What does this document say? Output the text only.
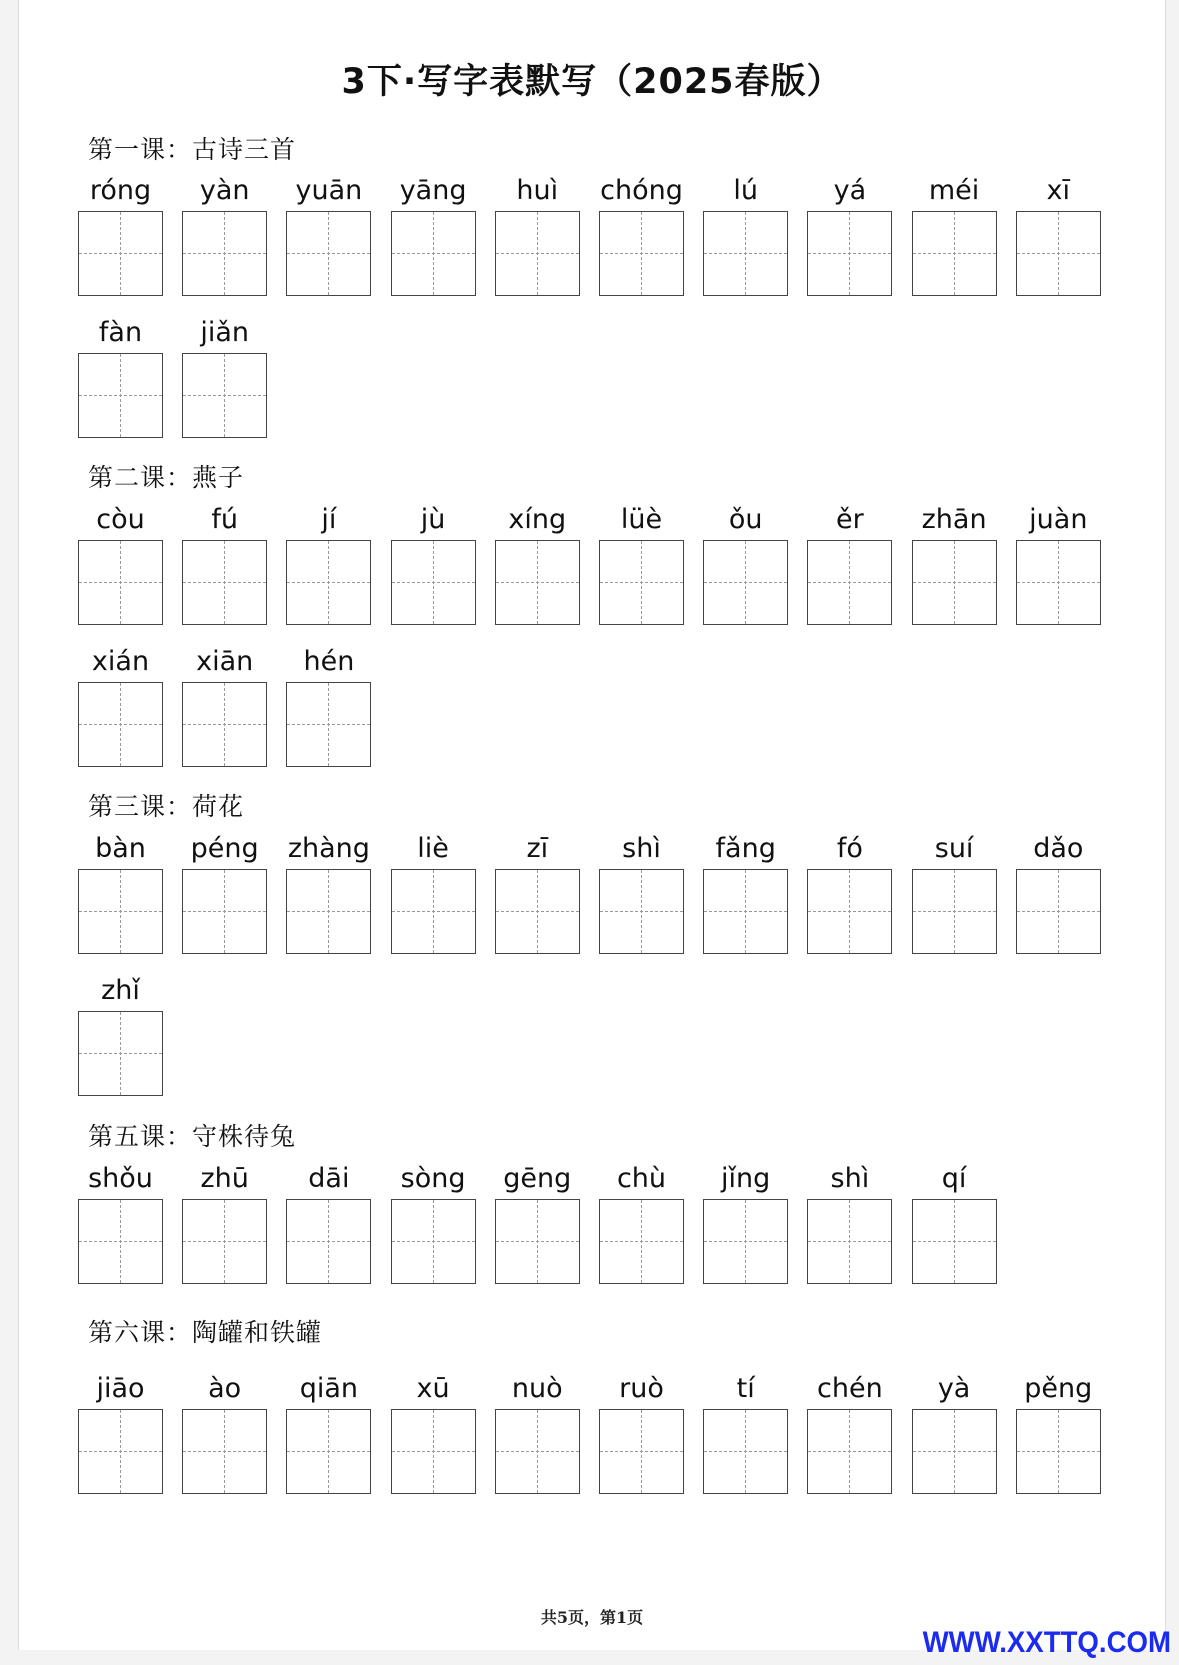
3下·写字表默写（2025春版）
第一课：古诗三首
róng	yàn	yuān	yāng	huì	chóng	lú	yá	méi	xī
fàn	jiǎn
第二课：燕子
còu	fú	jí	jù	xíng	lüè	ǒu	ěr	zhān	juàn
xián	xiān	hén
第三课：荷花
bàn	péng	zhàng	liè	zī	shì	fǎng	fó	suí	dǎo
zhǐ
第五课：守株待兔
shǒu	zhū	dāi	sòng	gēng	chù	jǐng	shì	qí
第六课：陶罐和铁罐
jiāo	ào	qiān	xū	nuò	ruò	tí	chén	yà	pěng
共5页，第1页
WWW.XXTTQ.COM
